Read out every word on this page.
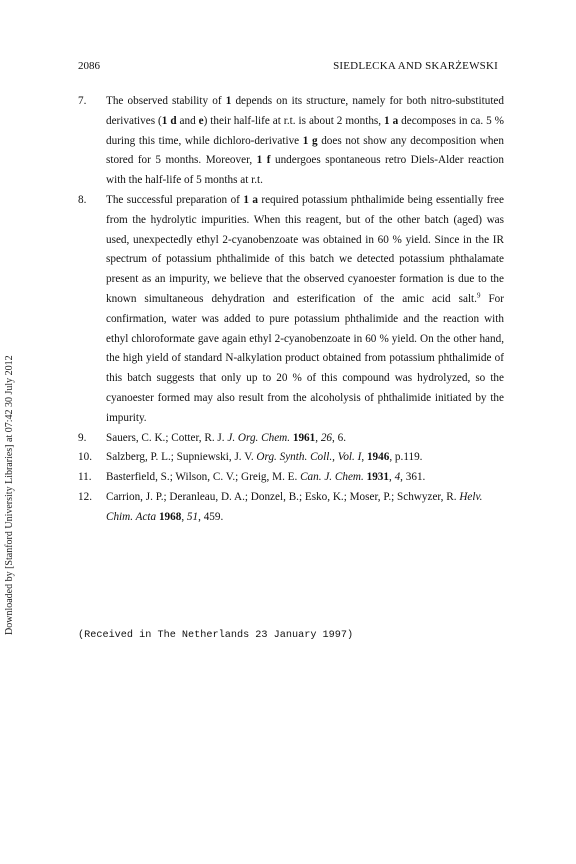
2086	SIEDLECKA AND SKARŻEWSKI
Downloaded by [Stanford University Libraries] at 07:42 30 July 2012
7. The observed stability of 1 depends on its structure, namely for both nitro-substituted derivatives (1 d and e) their half-life at r.t. is about 2 months, 1 a decomposes in ca. 5 % during this time, while dichloro-derivative 1 g does not show any decomposition when stored for 5 months. Moreover, 1 f undergoes spontaneous retro Diels-Alder reaction with the half-life of 5 months at r.t.
8. The successful preparation of 1 a required potassium phthalimide being essentially free from the hydrolytic impurities. When this reagent, but of the other batch (aged) was used, unexpectedly ethyl 2-cyanobenzoate was obtained in 60 % yield. Since in the IR spectrum of potassium phthalimide of this batch we detected potassium phthalamate present as an impurity, we believe that the observed cyanoester formation is due to the known simultaneous dehydration and esterification of the amic acid salt.$^9$ For confirmation, water was added to pure potassium phthalimide and the reaction with ethyl chloroformate gave again ethyl 2-cyanobenzoate in 60 % yield. On the other hand, the high yield of standard N-alkylation product obtained from potassium phthalimide of this batch suggests that only up to 20 % of this compound was hydrolyzed, so the cyanoester formed may also result from the alcoholysis of phthalimide initiated by the impurity.
9. Sauers, C. K.; Cotter, R. J. J. Org. Chem. 1961, 26, 6.
10. Salzberg, P. L.; Supniewski, J. V. Org. Synth. Coll., Vol. I, 1946, p.119.
11. Basterfield, S.; Wilson, C. V.; Greig, M. E. Can. J. Chem. 1931, 4, 361.
12. Carrion, J. P.; Deranleau, D. A.; Donzel, B.; Esko, K.; Moser, P.; Schwyzer, R. Helv. Chim. Acta 1968, 51, 459.
(Received in The Netherlands 23 January 1997)
